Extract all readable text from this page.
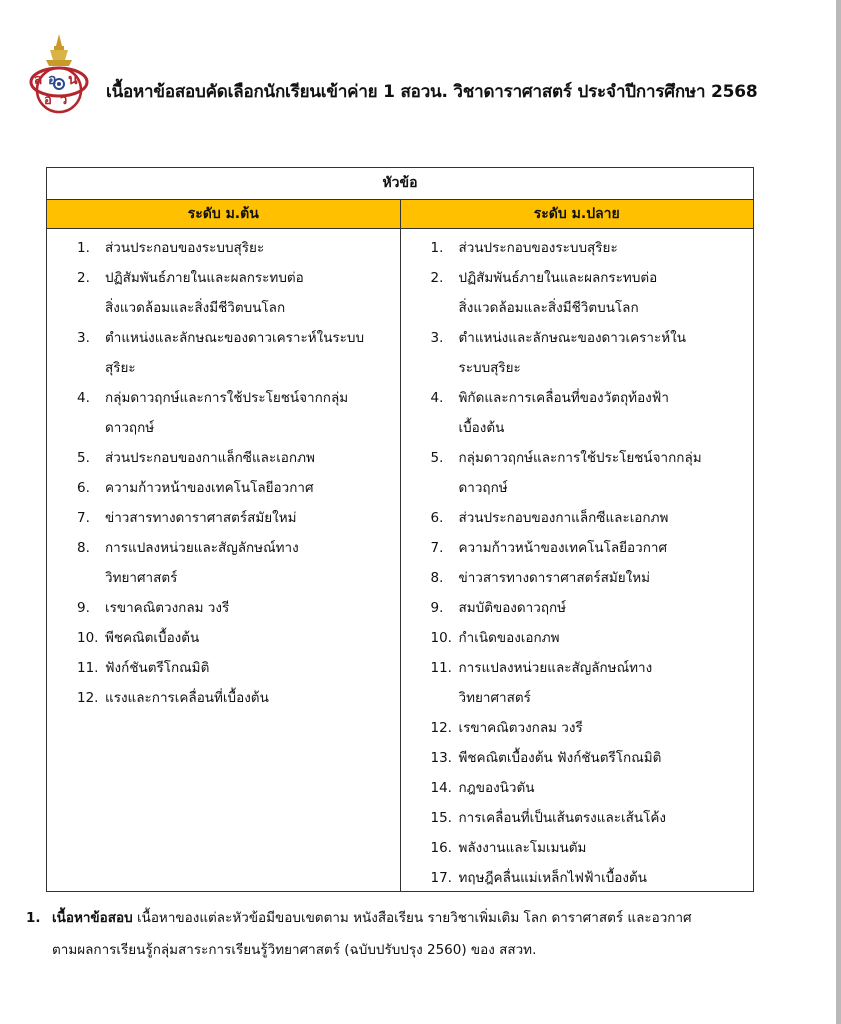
ส อ น
อ ว เนื้อหาข้อสอบคัดเลือกนักเรียนเข้าค่าย 1 สอวน. วิชาดาราศาสตร์ ประจำปีการศึกษา 2568
หัวข้อ
ระดับ ม.ต้น	ระดับ ม.ปลาย
1. ส่วนประกอบของระบบสุริยะ
2. ปฏิสัมพันธ์ภายในและผลกระทบต่อ
สิ่งแวดล้อมและสิ่งมีชีวิตบนโลก
3. ตำแหน่งและลักษณะของดาวเคราะห์ในระบบ
สุริยะ
4. กลุ่มดาวฤกษ์และการใช้ประโยชน์จากกลุ่ม
ดาวฤกษ์
5. ส่วนประกอบของกาแล็กซีและเอกภพ
6. ความก้าวหน้าของเทคโนโลยีอวกาศ
7. ข่าวสารทางดาราศาสตร์สมัยใหม่
8. การแปลงหน่วยและสัญลักษณ์ทาง
วิทยาศาสตร์
9. เรขาคณิตวงกลม วงรี
10. พีชคณิตเบื้องต้น
11. ฟังก์ชันตรีโกณมิติ
12. แรงและการเคลื่อนที่เบื้องต้น
1. ส่วนประกอบของระบบสุริยะ
2. ปฏิสัมพันธ์ภายในและผลกระทบต่อ
สิ่งแวดล้อมและสิ่งมีชีวิตบนโลก
3. ตำแหน่งและลักษณะของดาวเคราะห์ใน
ระบบสุริยะ
4. พิกัดและการเคลื่อนที่ของวัตถุท้องฟ้า
เบื้องต้น
5. กลุ่มดาวฤกษ์และการใช้ประโยชน์จากกลุ่ม
ดาวฤกษ์
6. ส่วนประกอบของกาแล็กซีและเอกภพ
7. ความก้าวหน้าของเทคโนโลยีอวกาศ
8. ข่าวสารทางดาราศาสตร์สมัยใหม่
9. สมบัติของดาวฤกษ์
10. กำเนิดของเอกภพ
11. การแปลงหน่วยและสัญลักษณ์ทาง
วิทยาศาสตร์
12. เรขาคณิตวงกลม วงรี
13. พีชคณิตเบื้องต้น ฟังก์ชันตรีโกณมิติ
14. กฎของนิวตัน
15. การเคลื่อนที่เป็นเส้นตรงและเส้นโค้ง
16. พลังงานและโมเมนตัม
17. ทฤษฎีคลื่นแม่เหล็กไฟฟ้าเบื้องต้น
1. เนื้อหาข้อสอบ เนื้อหาของแต่ละหัวข้อมีขอบเขตตาม หนังสือเรียน รายวิชาเพิ่มเติม โลก ดาราศาสตร์ และอวกาศ
ตามผลการเรียนรู้กลุ่มสาระการเรียนรู้วิทยาศาสตร์ (ฉบับปรับปรุง 2560) ของ สสวท.
